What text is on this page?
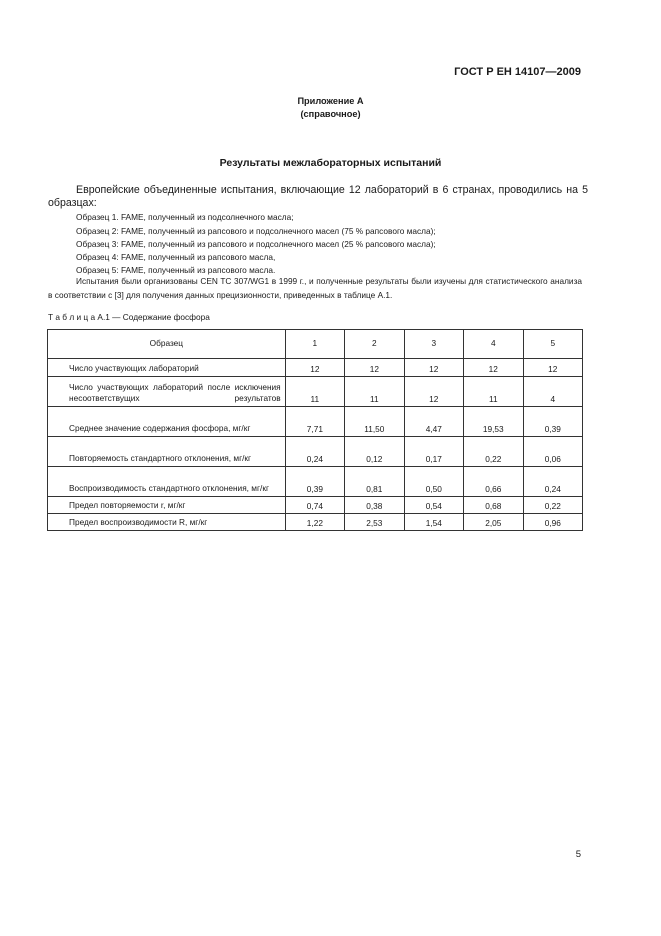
ГОСТ Р ЕН 14107—2009
Приложение А
(справочное)
Результаты межлабораторных испытаний
Европейские объединенные испытания, включающие 12 лабораторий в 6 странах, проводились на 5 образцах:
Образец 1. FAME, полученный из подсолнечного масла;
Образец 2: FAME, полученный из рапсового и подсолнечного масел (75 % рапсового масла);
Образец 3: FAME, полученный из рапсового и подсолнечного масел (25 % рапсового масла);
Образец 4: FAME, полученный из рапсового масла,
Образец 5: FAME, полученный из рапсового масла.
Испытания были организованы CEN TC 307/WG1 в 1999 г., и полученные результаты были изучены для статистического анализа в соответствии с [3] для получения данных прецизионности, приведенных в таблице А.1.
Т а б л и ц а А.1 — Содержание фосфора
Образец	1	2	3	4	5
Число участвующих лабораторий	12	12	12	12	12
Число участвующих лабораторий после исключения несоответствущих результатов	11	11	12	11	4
Среднее значение содержания фосфора, мг/кг	7,71	11,50	4,47	19,53	0,39
Повторяемость стандартного отклонения, мг/кг	0,24	0,12	0,17	0,22	0,06
Воспроизводимость стандартного отклонения, мг/кг	0,39	0,81	0,50	0,66	0,24
Предел повторяемости r, мг/кг	0,74	0,38	0,54	0,68	0,22
Предел воспроизводимости R, мг/кг	1,22	2,53	1,54	2,05	0,96
5
